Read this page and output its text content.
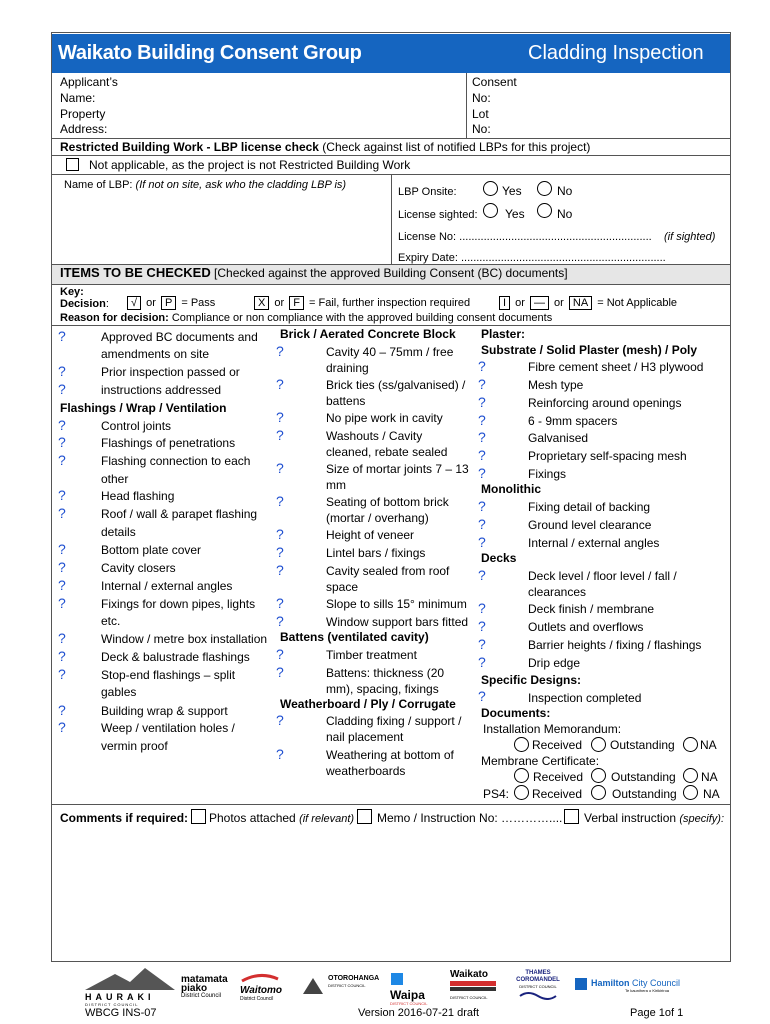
Waikato Building Consent Group	Cladding Inspection
Applicant’s
Name:
Property
Address:
Consent
No:
Lot
No:
Restricted Building Work - LBP license check (Check against list of notified LBPs for this project)
Not applicable, as the project is not Restricted Building Work
Name of LBP: (If not on site, ask who the cladding LBP is)
LBP Onsite:	Yes	No
License sighted: Yes	No
License No: ............................................................... (if sighted)
Expiry Date: ...................................................................
ITEMS TO BE CHECKED [Checked against the approved Building Consent (BC) documents]
Key:
Decision:	√ or P = Pass	X or F = Fail, further inspection required	I or — or NA = Not Applicable
Reason for decision: Compliance or non compliance with the approved building consent documents
?	Approved BC documents and
amendments on site
?	Prior inspection passed or
?	instructions addressed
Flashings / Wrap / Ventilation
?	Control joints
?	Flashings of penetrations
?	Flashing connection to each
other
?	Head flashing
?	Roof / wall & parapet flashing
details
?	Bottom plate cover
?	Cavity closers
?	Internal / external angles
?	Fixings for down pipes, lights
etc.
?	Window / metre box installation
?	Deck & balustrade flashings
?	Stop-end flashings – split
gables
?	Building wrap & support
?	Weep / ventilation holes /
vermin proof
Brick / Aerated Concrete Block
?	Cavity 40 – 75mm / free
draining
?	Brick ties (ss/galvanised) /
battens
?	No pipe work in cavity
?	Washouts / Cavity
cleaned, rebate sealed
?	Size of mortar joints 7 – 13
mm
?	Seating of bottom brick
(mortar / overhang)
?	Height of veneer
?	Lintel bars / fixings
?	Cavity sealed from roof
space
?	Slope to sills 15° minimum
?	Window support bars fitted
Battens (ventilated cavity)
?	Timber treatment
?	Battens: thickness (20
mm), spacing, fixings
Weatherboard / Ply / Corrugate
?	Cladding fixing / support /
nail placement
?	Weathering at bottom of
weatherboards
Plaster:
Substrate / Solid Plaster (mesh) / Poly
?	Fibre cement sheet / H3 plywood
?	Mesh type
?	Reinforcing around openings
?	6 - 9mm spacers
?	Galvanised
?	Proprietary self-spacing mesh
?	Fixings
Monolithic
?	Fixing detail of backing
?	Ground level clearance
?	Internal / external angles
Decks
?	Deck level / floor level / fall /
clearances
?	Deck finish / membrane
?	Outlets and overflows
?	Barrier heights / fixing / flashings
?	Drip edge
Specific Designs:
?	Inspection completed
Documents:
Installation Memorandum:
Received Outstanding NA
Membrane Certificate:
Received Outstanding NA
PS4: Received Outstanding NA
Comments if required: Photos attached (if relevant) Memo / Instruction No: ………….... Verbal instruction (specify):
HAURAKI
DISTRICT COUNCIL
matamata
piako
District Council	Waitomo
District Council
OTOROHANGA
DISTRICT COUNCIL
Waipa
DISTRICT COUNCIL
Waikato
DISTRICT COUNCIL
THAMES
COROMANDEL
DISTRICT COUNCIL	Hamilton City Council
Te kaunihera o Kirikiriroa
WBCG INS-07	Version 2016-07-21 draft	Page 1of 1
